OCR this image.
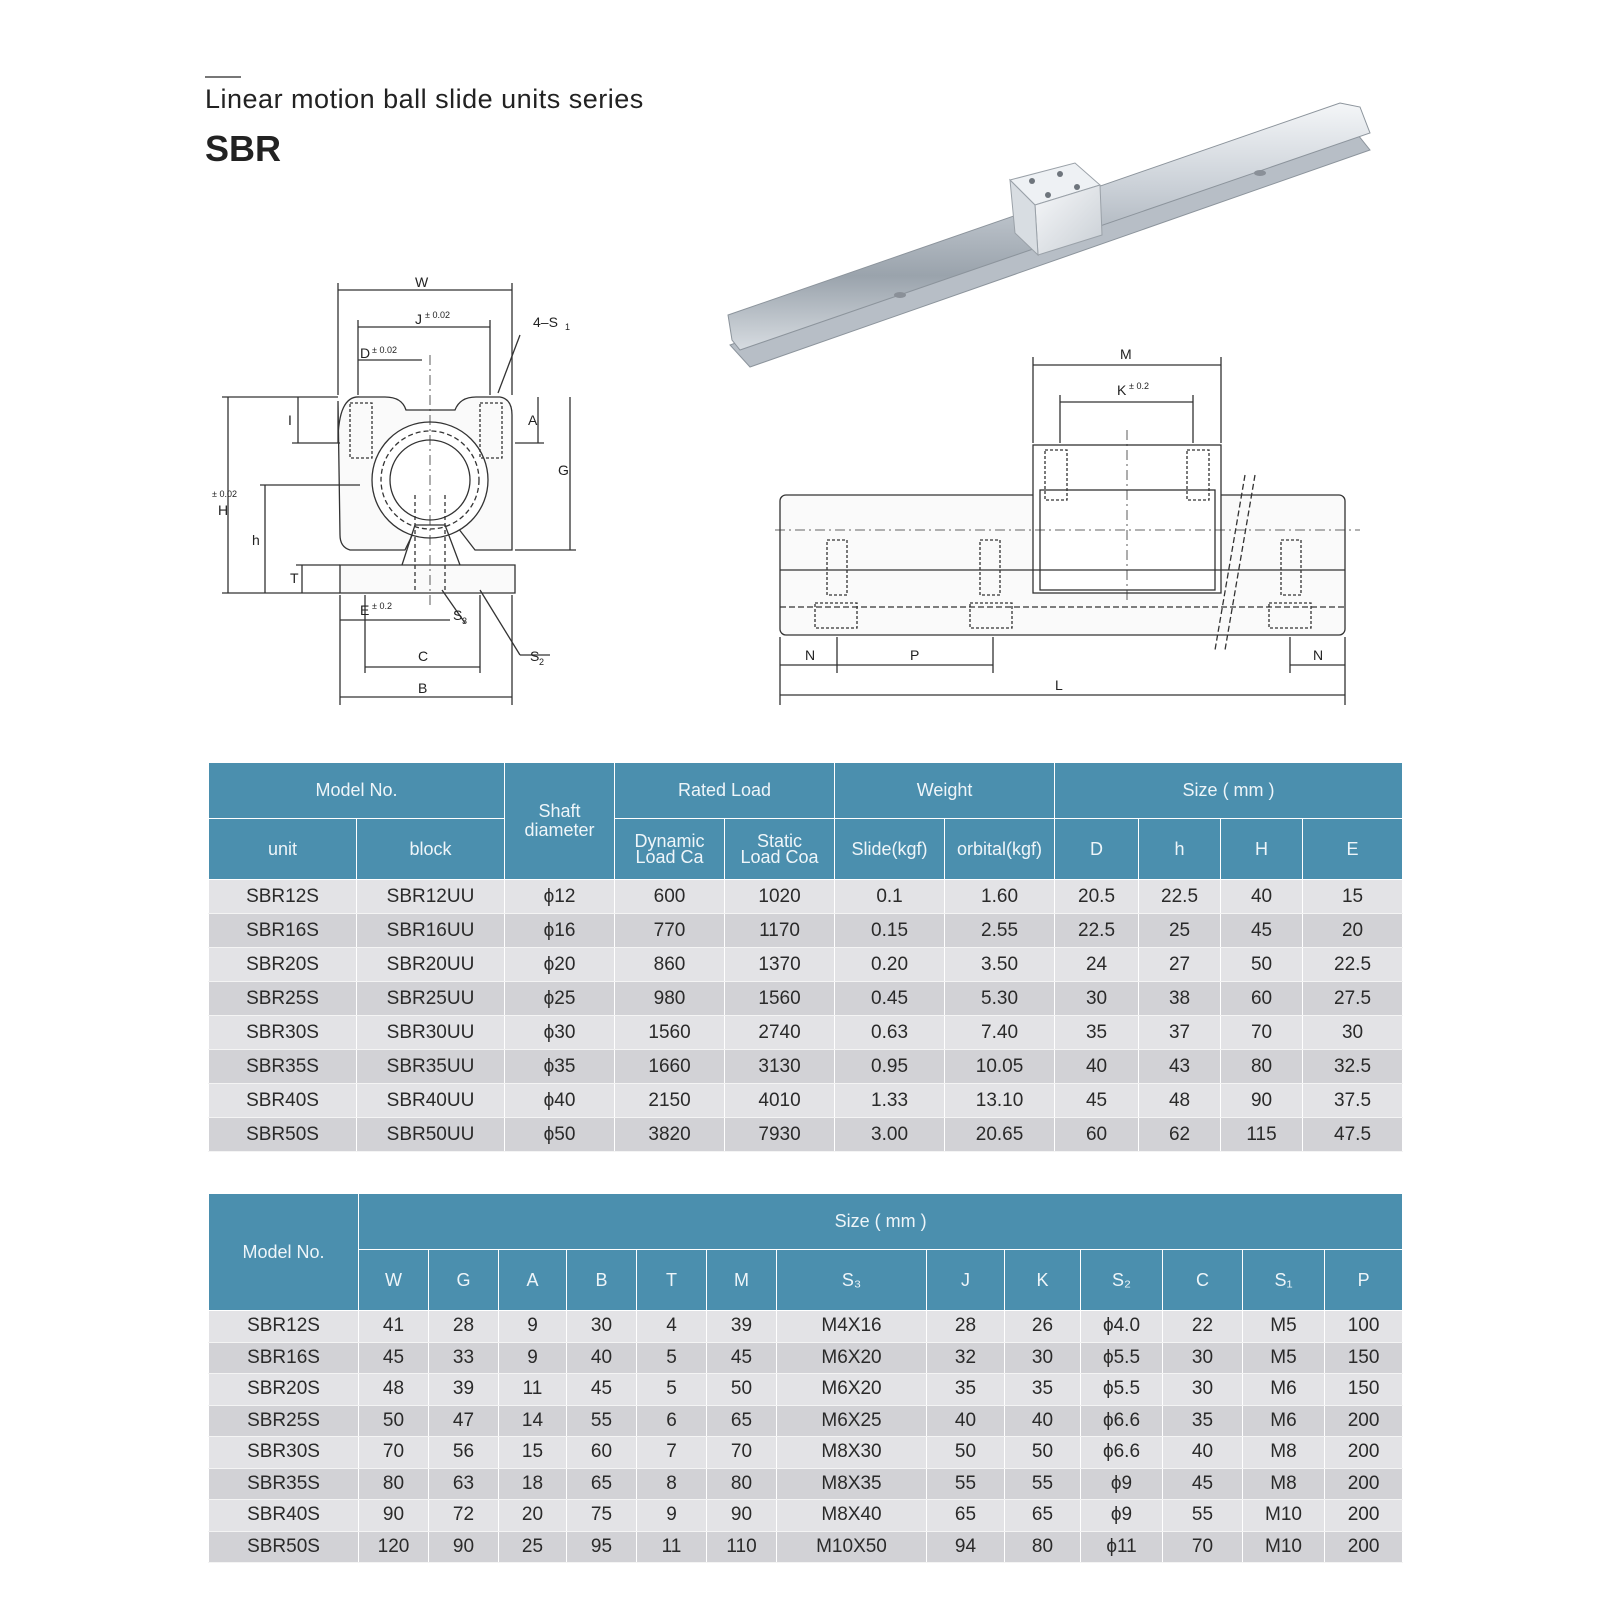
Linear motion ball slide units series
SBR
W
J ± 0.02
D ± 0.02
4–S 1
I	A
G
H
± 0.02
h
T
E ± 0.2
S 3
S 2
C
B
M
K ± 0.2
N	P	N
L
Model No.		Shaft
diameter	Rated Load		Weight		Size ( mm )			
unit	block		Dynamic
Load Ca	Static
Load Coa	Slide(kgf)	orbital(kgf)	D	h	H	E
SBR12S	SBR12UU	ϕ12	600	1020	0.1	1.60	20.5	22.5	40	15
SBR16S	SBR16UU	ϕ16	770	1170	0.15	2.55	22.5	25	45	20
SBR20S	SBR20UU	ϕ20	860	1370	0.20	3.50	24	27	50	22.5
SBR25S	SBR25UU	ϕ25	980	1560	0.45	5.30	30	38	60	27.5
SBR30S	SBR30UU	ϕ30	1560	2740	0.63	7.40	35	37	70	30
SBR35S	SBR35UU	ϕ35	1660	3130	0.95	10.05	40	43	80	32.5
SBR40S	SBR40UU	ϕ40	2150	4010	1.33	13.10	45	48	90	37.5
SBR50S	SBR50UU	ϕ50	3820	7930	3.00	20.65	60	62	115	47.5
Model No.	Size ( mm )												
	W	G	A	B	T	M	S₃	J	K	S₂	C	S₁	P
SBR12S	41	28	9	30	4	39	M4X16	28	26	ϕ4.0	22	M5	100
SBR16S	45	33	9	40	5	45	M6X20	32	30	ϕ5.5	30	M5	150
SBR20S	48	39	11	45	5	50	M6X20	35	35	ϕ5.5	30	M6	150
SBR25S	50	47	14	55	6	65	M6X25	40	40	ϕ6.6	35	M6	200
SBR30S	70	56	15	60	7	70	M8X30	50	50	ϕ6.6	40	M8	200
SBR35S	80	63	18	65	8	80	M8X35	55	55	ϕ9	45	M8	200
SBR40S	90	72	20	75	9	90	M8X40	65	65	ϕ9	55	M10	200
SBR50S	120	90	25	95	11	110	M10X50	94	80	ϕ11	70	M10	200
